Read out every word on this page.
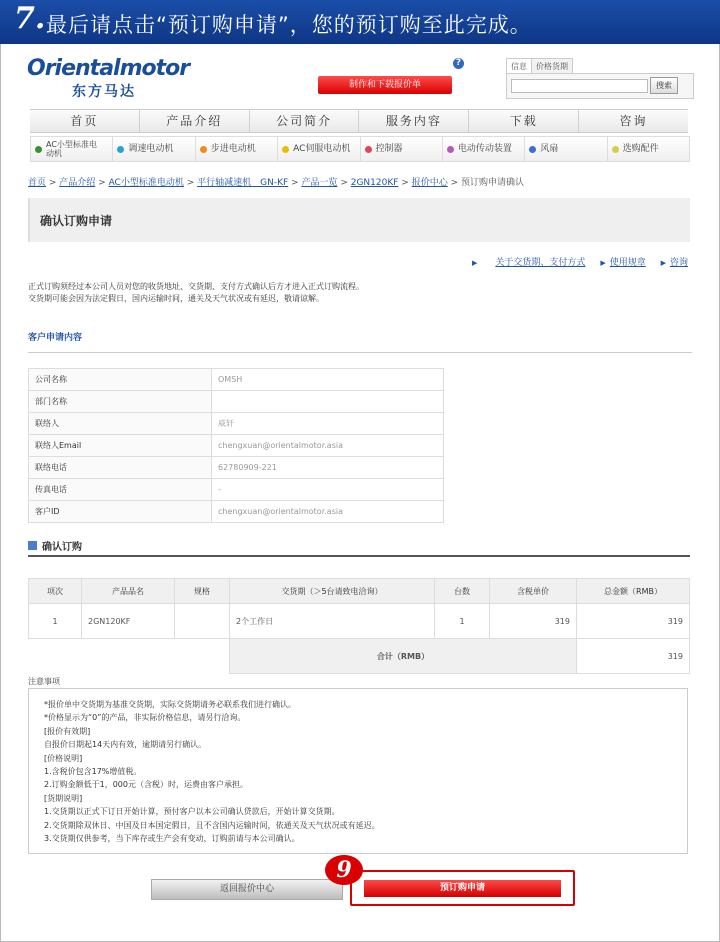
7. 最后请点击“预订购申请”，您的预订购至此完成。
Orientalmotor
东方马达	制作和下载报价单
?	信息 价格货期
搜索
首页	产品介绍	公司简介	服务内容	下载	咨询
AC小型标准电动机	调速电动机	步进电动机	AC伺服电动机	控制器	电动传动装置	风扇	选购配件
首页 > 产品介绍 > AC小型标准电动机 > 平行轴减速机　GN-KF > 产品一览 > 2GN120KF > 报价中心 > 预订购申请确认
确认订购申请
▶ 关于交货期、支付方式 ▶ 使用规章 ▶ 咨询
正式订购须经过本公司人员对您的收货地址、交货期、支付方式确认后方才进入正式订购流程。
交货期可能会因为法定假日，国内运输时间，通关及天气状况或有延迟，敬请谅解。
客户申请内容
公司名称	OMSH
部门名称	
联络人	威轩
联络人Email	chengxuan@orientalmotor.asia
联络电话	62780909-221
传真电话	-
客户ID	chengxuan@orientalmotor.asia
确认订购
项次	产品品名	规格	交货期（＞5台请致电洽询）	台数	含税单价	总金额（RMB）
1	2GN120KF		2个工作日	1	319	319
			合计（RMB）			319
注意事项
*报价单中交货期为基准交货期，实际交货期请务必联系我们进行确认。
*价格显示为“0”的产品，非实际价格信息，请另行洽询。
[报价有效期]
自报价日期起14天内有效，逾期请另行确认。
[价格说明]
1.含税价包含17%增值税。
2.订购金额低于1，000元（含税）时，运费由客户承担。
[货期说明]
1.交货期以正式下订日开始计算，预付客户以本公司确认贷款后，开始计算交货期。
2.交货期除双休日、中国及日本国定假日，且不含国内运输时间，依通关及天气状况或有延迟。
3.交货期仅供参考，当下库存或生产会有变动，订购前请与本公司确认。
返回报价中心	预订购申请
9
